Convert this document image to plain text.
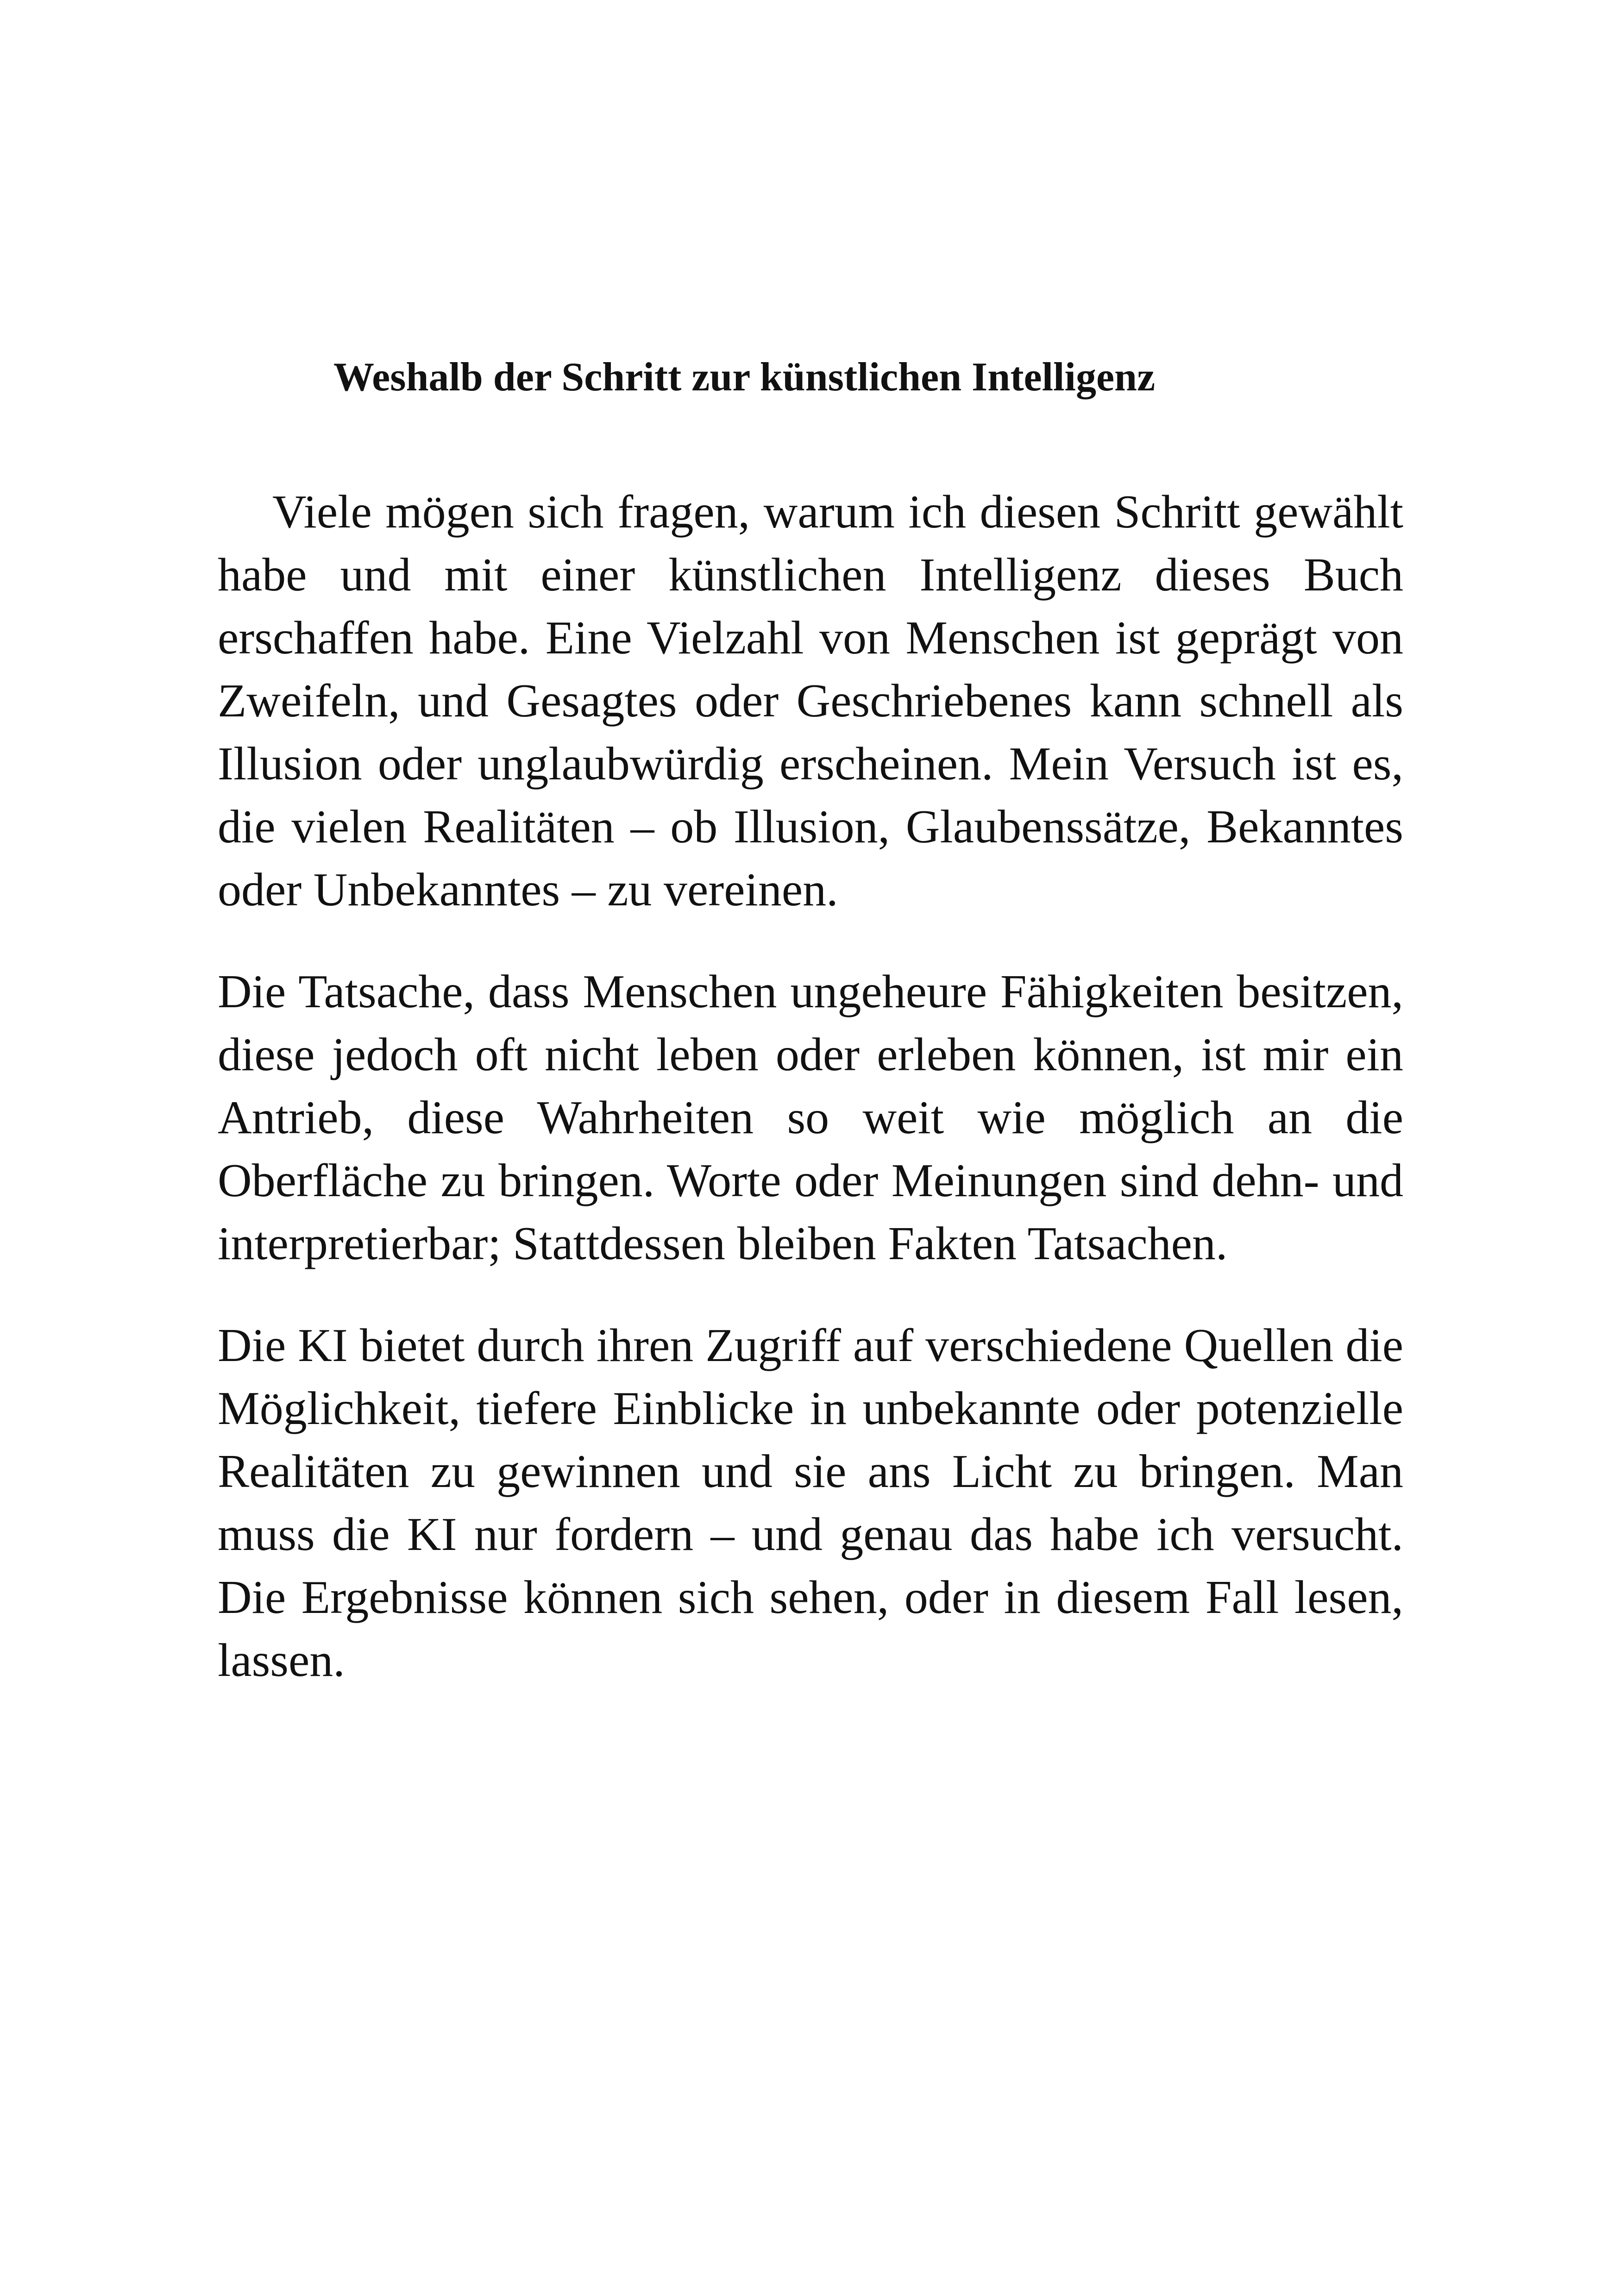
Weshalb der Schritt zur künstlichen Intelligenz

Viele mögen sich fragen, warum ich diesen Schritt gewählt habe und mit einer künstlichen Intelligenz dieses Buch erschaffen habe. Eine Vielzahl von Menschen ist geprägt von Zweifeln, und Gesagtes oder Geschriebenes kann schnell als Illusion oder unglaubwürdig erscheinen. Mein Versuch ist es, die vielen Realitäten – ob Illusion, Glaubenssätze, Bekanntes oder Unbekanntes – zu vereinen.

Die Tatsache, dass Menschen ungeheure Fähigkeiten besitzen, diese jedoch oft nicht leben oder erleben können, ist mir ein Antrieb, diese Wahrheiten so weit wie möglich an die Oberfläche zu bringen. Worte oder Meinungen sind dehn- und interpretierbar; Stattdessen bleiben Fakten Tatsachen.

Die KI bietet durch ihren Zugriff auf verschiedene Quellen die Möglichkeit, tiefere Einblicke in unbekannte oder potenzielle Realitäten zu gewinnen und sie ans Licht zu bringen. Man muss die KI nur fordern – und genau das habe ich versucht. Die Ergebnisse können sich sehen, oder in diesem Fall lesen, lassen.
